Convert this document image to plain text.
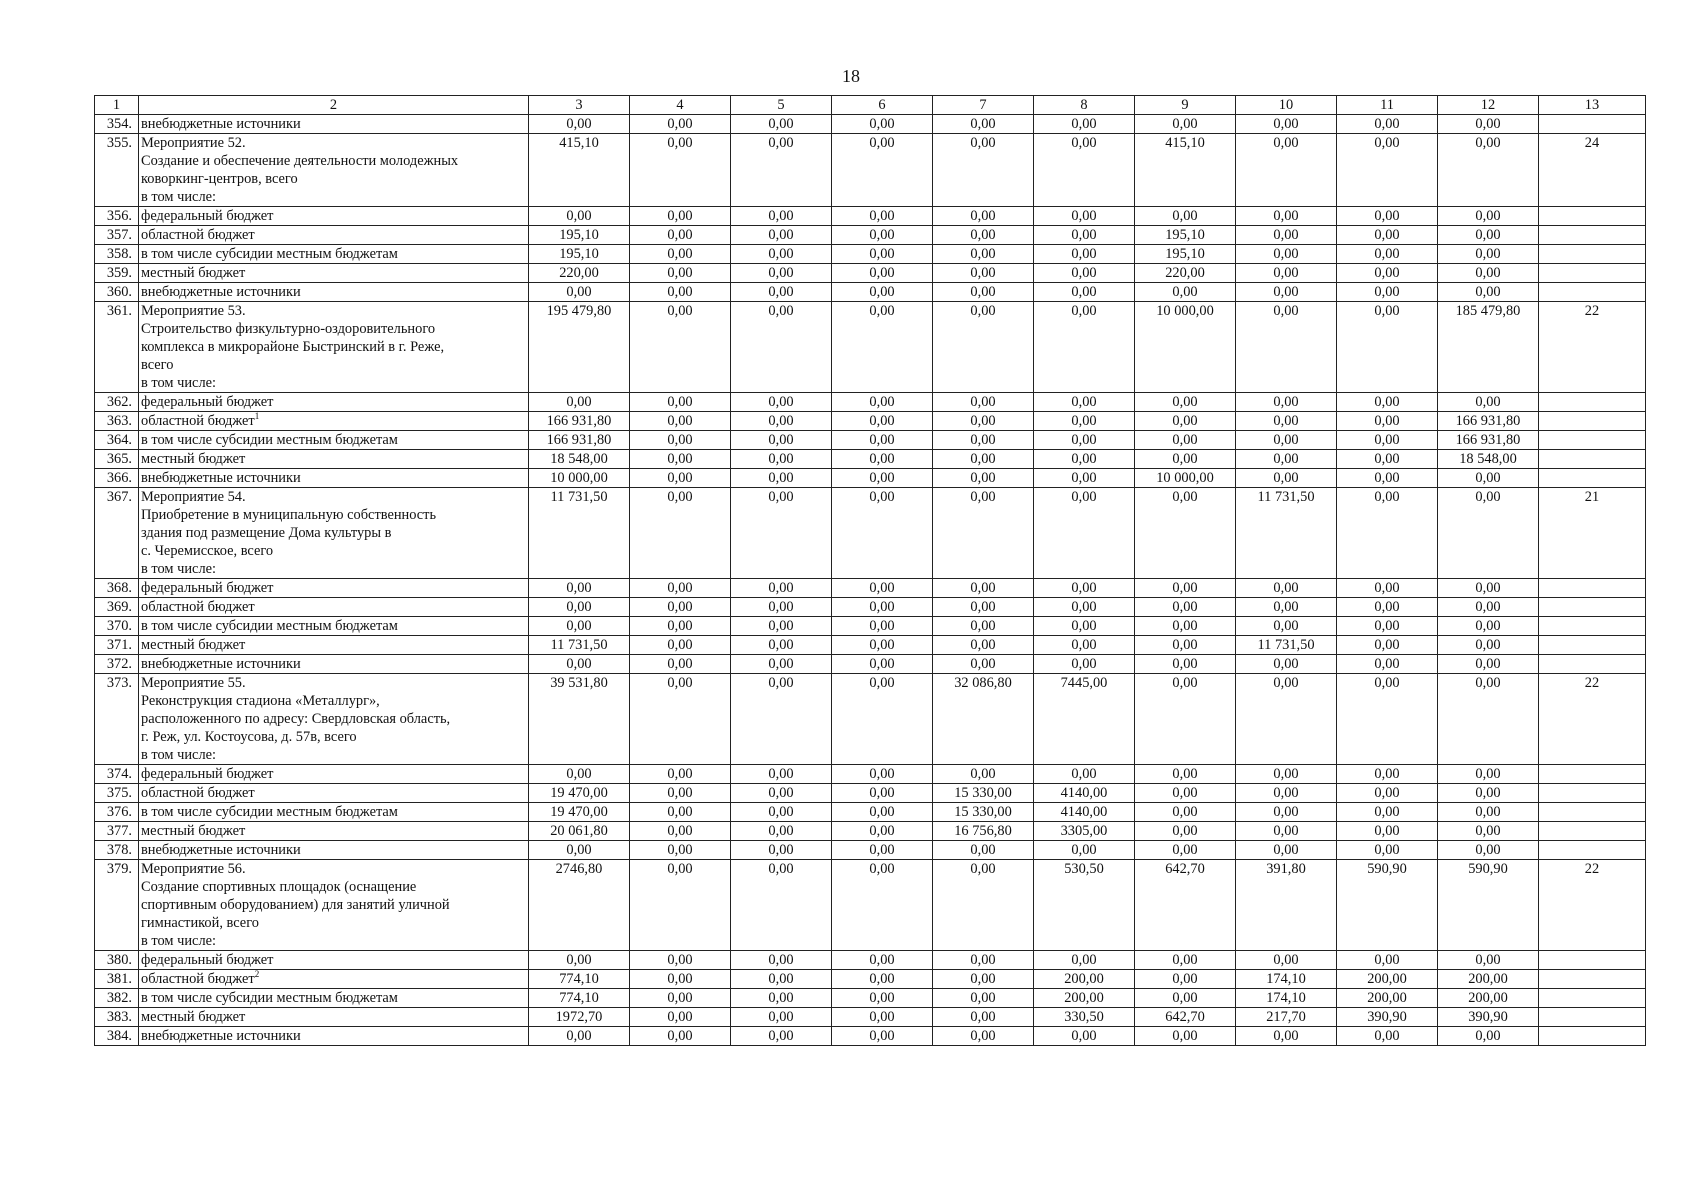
18
1	2	3	4	5	6	7	8	9	10	11	12	13
354.	внебюджетные источники	0,00	0,00	0,00	0,00	0,00	0,00	0,00	0,00	0,00	0,00	
355.	Мероприятие 52.
Создание и обеспечение деятельности молодежных
коворкинг-центров, всего
в том числе:	415,10	0,00	0,00	0,00	0,00	0,00	415,10	0,00	0,00	0,00	24
356.	федеральный бюджет	0,00	0,00	0,00	0,00	0,00	0,00	0,00	0,00	0,00	0,00	
357.	областной бюджет	195,10	0,00	0,00	0,00	0,00	0,00	195,10	0,00	0,00	0,00	
358.	в том числе субсидии местным бюджетам	195,10	0,00	0,00	0,00	0,00	0,00	195,10	0,00	0,00	0,00	
359.	местный бюджет	220,00	0,00	0,00	0,00	0,00	0,00	220,00	0,00	0,00	0,00	
360.	внебюджетные источники	0,00	0,00	0,00	0,00	0,00	0,00	0,00	0,00	0,00	0,00	
361.	Мероприятие 53.
Строительство физкультурно-оздоровительного
комплекса в микрорайоне Быстринский в г. Реже,
всего
в том числе:	195 479,80	0,00	0,00	0,00	0,00	0,00	10 000,00	0,00	0,00	185 479,80	22
362.	федеральный бюджет	0,00	0,00	0,00	0,00	0,00	0,00	0,00	0,00	0,00	0,00	
363.	областной бюджет$^1$	166 931,80	0,00	0,00	0,00	0,00	0,00	0,00	0,00	0,00	166 931,80	
364.	в том числе субсидии местным бюджетам	166 931,80	0,00	0,00	0,00	0,00	0,00	0,00	0,00	0,00	166 931,80	
365.	местный бюджет	18 548,00	0,00	0,00	0,00	0,00	0,00	0,00	0,00	0,00	18 548,00	
366.	внебюджетные источники	10 000,00	0,00	0,00	0,00	0,00	0,00	10 000,00	0,00	0,00	0,00	
367.	Мероприятие 54.
Приобретение в муниципальную собственность
здания под размещение Дома культуры в
с. Черемисское, всего
в том числе:	11 731,50	0,00	0,00	0,00	0,00	0,00	0,00	11 731,50	0,00	0,00	21
368.	федеральный бюджет	0,00	0,00	0,00	0,00	0,00	0,00	0,00	0,00	0,00	0,00	
369.	областной бюджет	0,00	0,00	0,00	0,00	0,00	0,00	0,00	0,00	0,00	0,00	
370.	в том числе субсидии местным бюджетам	0,00	0,00	0,00	0,00	0,00	0,00	0,00	0,00	0,00	0,00	
371.	местный бюджет	11 731,50	0,00	0,00	0,00	0,00	0,00	0,00	11 731,50	0,00	0,00	
372.	внебюджетные источники	0,00	0,00	0,00	0,00	0,00	0,00	0,00	0,00	0,00	0,00	
373.	Мероприятие 55.
Реконструкция стадиона «Металлург»,
расположенного по адресу: Свердловская область,
г. Реж, ул. Костоусова, д. 57в, всего
в том числе:	39 531,80	0,00	0,00	0,00	32 086,80	7445,00	0,00	0,00	0,00	0,00	22
374.	федеральный бюджет	0,00	0,00	0,00	0,00	0,00	0,00	0,00	0,00	0,00	0,00	
375.	областной бюджет	19 470,00	0,00	0,00	0,00	15 330,00	4140,00	0,00	0,00	0,00	0,00	
376.	в том числе субсидии местным бюджетам	19 470,00	0,00	0,00	0,00	15 330,00	4140,00	0,00	0,00	0,00	0,00	
377.	местный бюджет	20 061,80	0,00	0,00	0,00	16 756,80	3305,00	0,00	0,00	0,00	0,00	
378.	внебюджетные источники	0,00	0,00	0,00	0,00	0,00	0,00	0,00	0,00	0,00	0,00	
379.	Мероприятие 56.
Создание спортивных площадок (оснащение
спортивным оборудованием) для занятий уличной
гимнастикой, всего
в том числе:	2746,80	0,00	0,00	0,00	0,00	530,50	642,70	391,80	590,90	590,90	22
380.	федеральный бюджет	0,00	0,00	0,00	0,00	0,00	0,00	0,00	0,00	0,00	0,00	
381.	областной бюджет$^2$	774,10	0,00	0,00	0,00	0,00	200,00	0,00	174,10	200,00	200,00	
382.	в том числе субсидии местным бюджетам	774,10	0,00	0,00	0,00	0,00	200,00	0,00	174,10	200,00	200,00	
383.	местный бюджет	1972,70	0,00	0,00	0,00	0,00	330,50	642,70	217,70	390,90	390,90	
384.	внебюджетные источники	0,00	0,00	0,00	0,00	0,00	0,00	0,00	0,00	0,00	0,00	
